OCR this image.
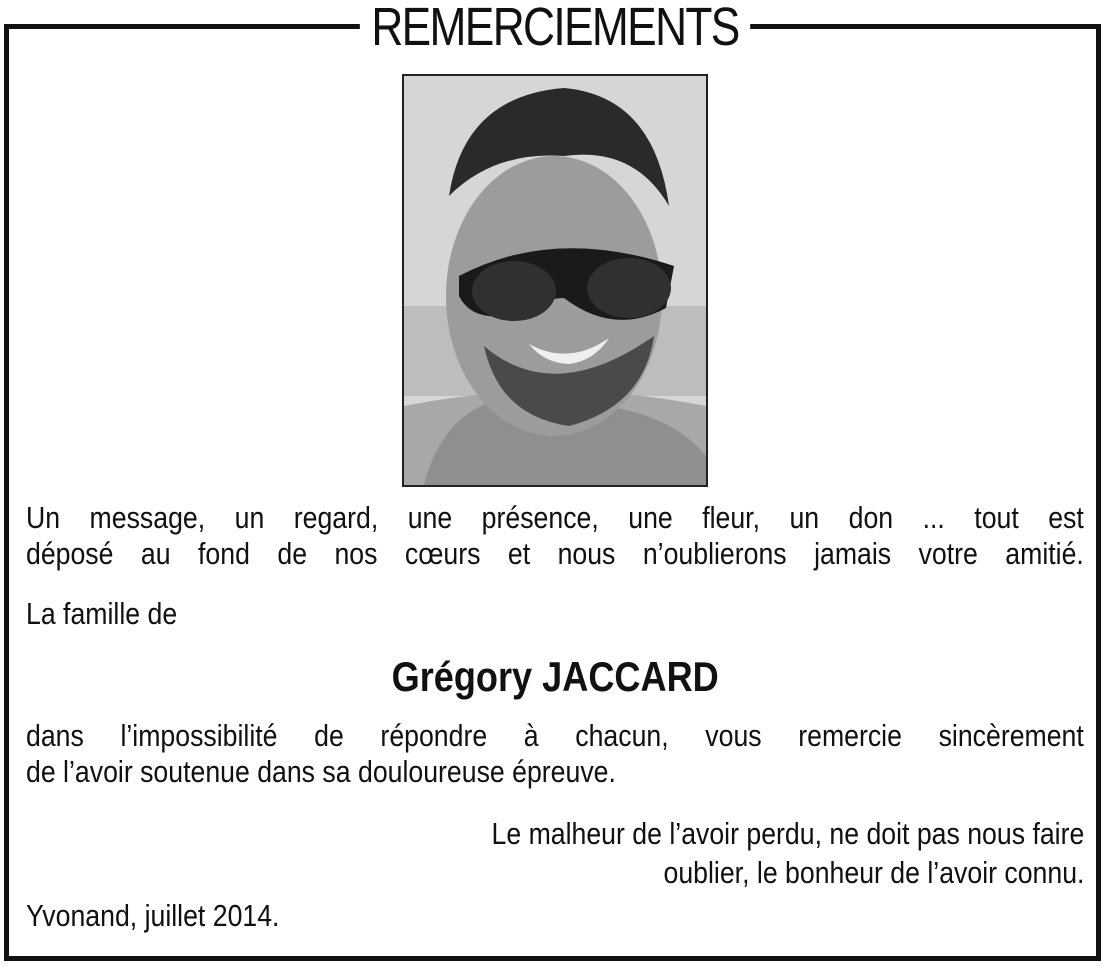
REMERCIEMENTS
Un message, un regard, une présence, une fleur, un don ... tout est
déposé au fond de nos cœurs et nous n’oublierons jamais votre amitié.
La famille de
Grégory JACCARD
dans l’impossibilité de répondre à chacun, vous remercie sincèrement
de l’avoir soutenue dans sa douloureuse épreuve.
Le malheur de l’avoir perdu, ne doit pas nous faire
oublier, le bonheur de l’avoir connu.
Yvonand, juillet 2014.
